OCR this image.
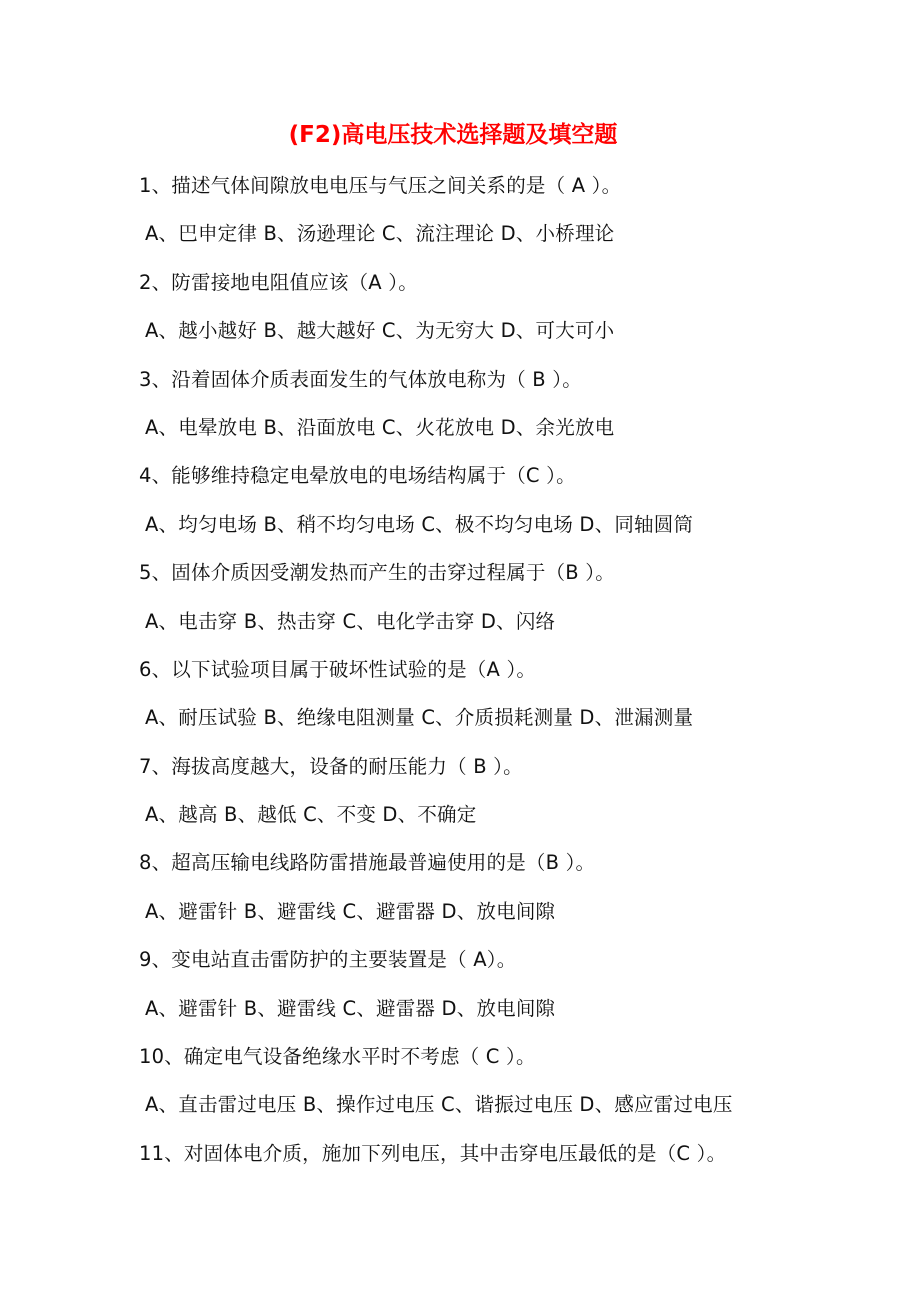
(F2)高电压技术选择题及填空题
1、描述气体间隙放电电压与气压之间关系的是（ A ）。
A、巴申定律 B、汤逊理论 C、流注理论 D、小桥理论
2、防雷接地电阻值应该（A ）。
A、越小越好 B、越大越好 C、为无穷大 D、可大可小
3、沿着固体介质表面发生的气体放电称为（ B ）。
A、电晕放电 B、沿面放电 C、火花放电 D、余光放电
4、能够维持稳定电晕放电的电场结构属于（C ）。
A、均匀电场 B、稍不均匀电场 C、极不均匀电场 D、同轴圆筒
5、固体介质因受潮发热而产生的击穿过程属于（B ）。
A、电击穿 B、热击穿 C、电化学击穿 D、闪络
6、以下试验项目属于破坏性试验的是（A ）。
A、耐压试验 B、绝缘电阻测量 C、介质损耗测量 D、泄漏测量
7、海拔高度越大，设备的耐压能力（ B ）。
A、越高 B、越低 C、不变 D、不确定
8、超高压输电线路防雷措施最普遍使用的是（B ）。
A、避雷针 B、避雷线 C、避雷器 D、放电间隙
9、变电站直击雷防护的主要装置是（ A）。
A、避雷针 B、避雷线 C、避雷器 D、放电间隙
10、确定电气设备绝缘水平时不考虑（ C ）。
A、直击雷过电压 B、操作过电压 C、谐振过电压 D、感应雷过电压
11、对固体电介质，施加下列电压，其中击穿电压最低的是（C ）。
